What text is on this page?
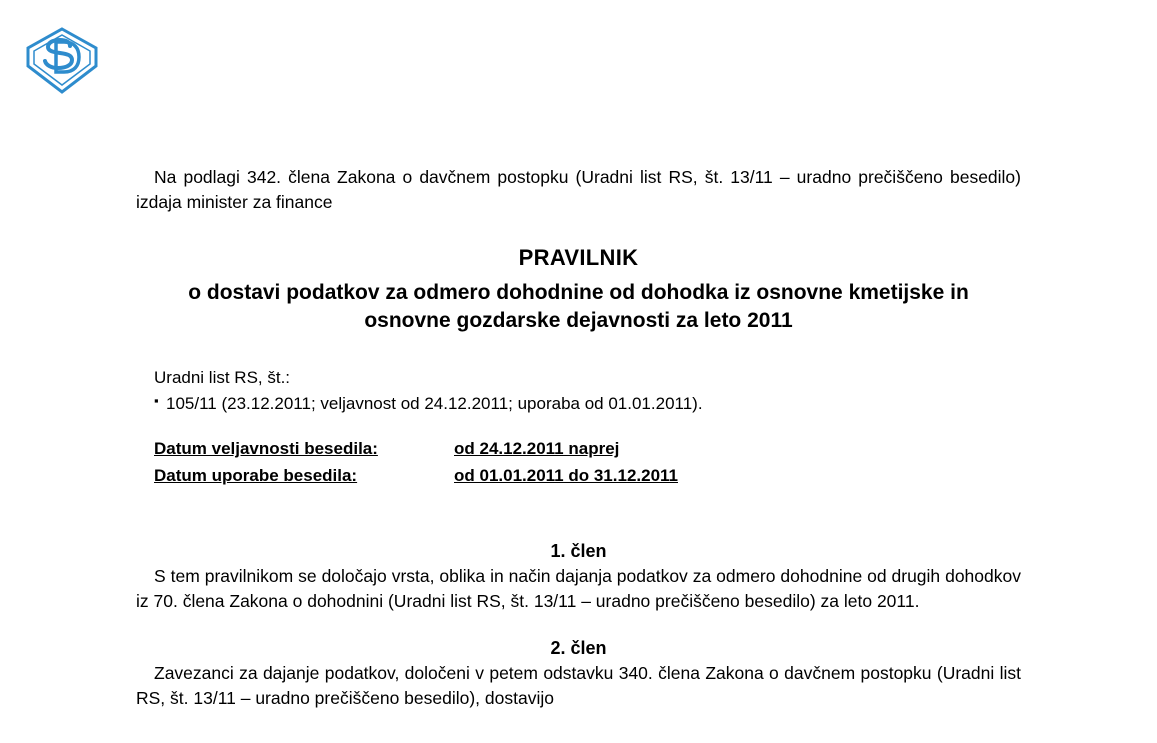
Na podlagi 342. člena Zakona o davčnem postopku (Uradni list RS, št. 13/11 – uradno prečiščeno besedilo) izdaja minister za finance

PRAVILNIK
o dostavi podatkov za odmero dohodnine od dohodka iz osnovne kmetijske in osnovne gozdarske dejavnosti za leto 2011
Uradni list RS, št.:
▪ 105/11 (23.12.2011; veljavnost od 24.12.2011; uporaba od 01.01.2011).
Datum veljavnosti besedila:	od 24.12.2011 naprej
Datum uporabe besedila:	od 01.01.2011 do 31.12.2011
1. člen

S tem pravilnikom se določajo vrsta, oblika in način dajanja podatkov za odmero dohodnine od drugih dohodkov iz 70. člena Zakona o dohodnini (Uradni list RS, št. 13/11 – uradno prečiščeno besedilo) za leto 2011.

2. člen

Zavezanci za dajanje podatkov, določeni v petem odstavku 340. člena Zakona o davčnem postopku (Uradni list RS, št. 13/11 – uradno prečiščeno besedilo), dostavijo
